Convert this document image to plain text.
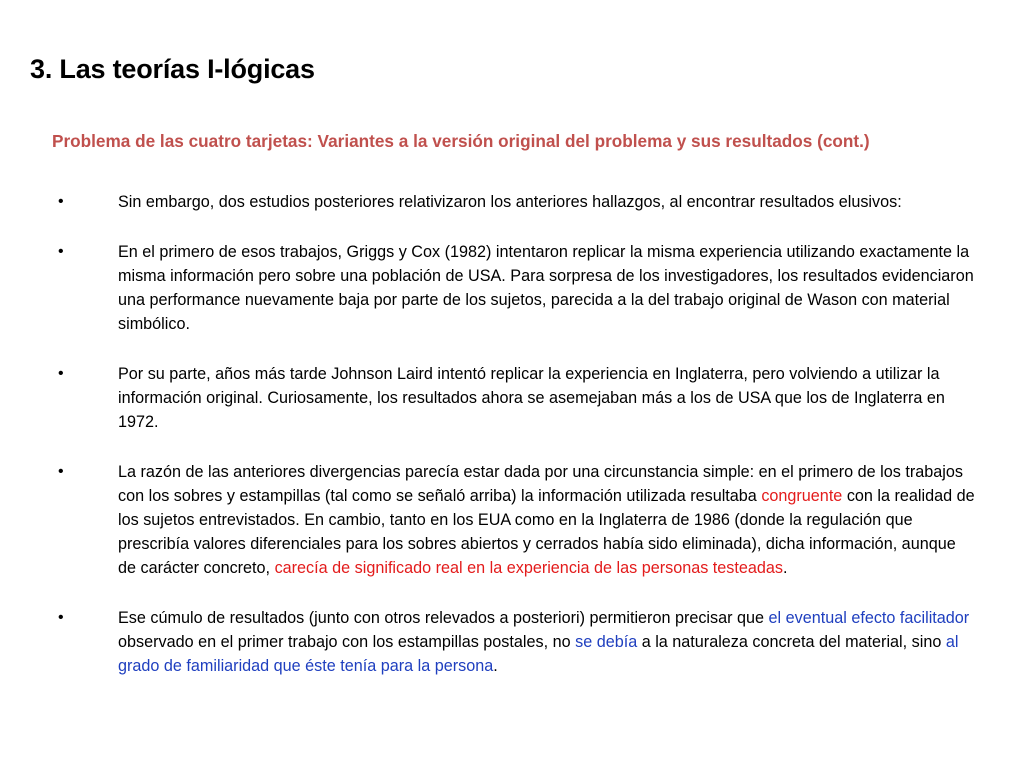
3. Las teorías I-lógicas
Problema de las cuatro tarjetas: Variantes a la versión original del problema y sus resultados (cont.)
•	Sin embargo, dos estudios posteriores relativizaron los anteriores hallazgos, al encontrar resultados elusivos:
•	En el primero de esos trabajos, Griggs y Cox (1982) intentaron replicar la misma experiencia utilizando exactamente la misma información pero sobre una población de USA. Para sorpresa de los investigadores, los resultados evidenciaron una performance nuevamente baja por parte de los sujetos, parecida a la del trabajo original de Wason con material simbólico.
•	Por su parte, años más tarde Johnson Laird intentó replicar la experiencia en Inglaterra, pero volviendo a utilizar la información original. Curiosamente, los resultados ahora se asemejaban más a los de USA que los de Inglaterra en 1972.
•	La razón de las anteriores divergencias parecía estar dada por una circunstancia simple: en el primero de los trabajos con los sobres y estampillas (tal como se señaló arriba) la información utilizada resultaba congruente con la realidad de los sujetos entrevistados. En cambio, tanto en los EUA como en la Inglaterra de 1986 (donde la regulación que prescribía valores diferenciales para los sobres abiertos y cerrados había sido eliminada), dicha información, aunque de carácter concreto, carecía de significado real en la experiencia de las personas testeadas.
•	Ese cúmulo de resultados (junto con otros relevados a posteriori) permitieron precisar que el eventual efecto facilitador observado en el primer trabajo con los estampillas postales, no se debía a la naturaleza concreta del material, sino al grado de familiaridad que éste tenía para la persona.
